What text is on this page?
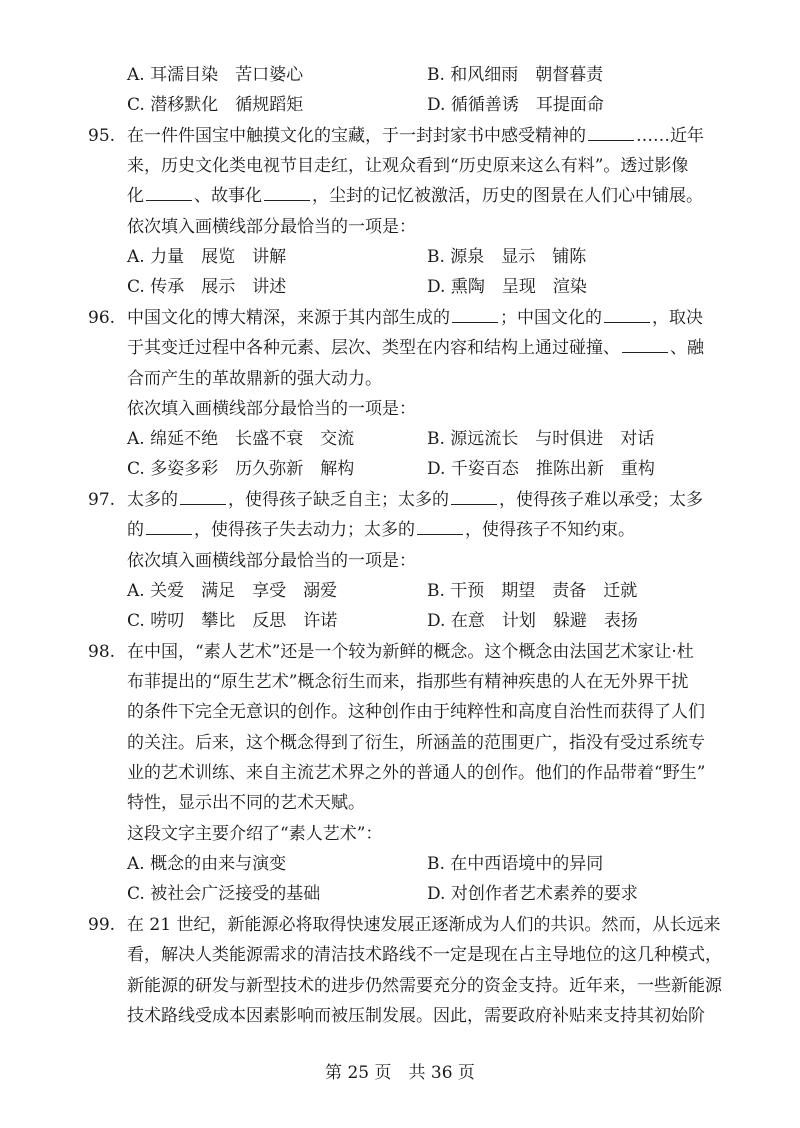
A. 耳濡目染　苦口婆心	B. 和风细雨　朝督暮责
C. 潜移默化　循规蹈矩	D. 循循善诱　耳提面命
95. 在一件件国宝中触摸文化的宝藏，于一封封家书中感受精神的	……近年
来，历史文化类电视节目走红，让观众看到“历史原来这么有料”。透过影像
化	、故事化	，尘封的记忆被激活，历史的图景在人们心中铺展。
依次填入画横线部分最恰当的一项是：
A. 力量　展览　讲解	B. 源泉　显示　铺陈
C. 传承　展示　讲述	D. 熏陶　呈现　渲染
96. 中国文化的博大精深，来源于其内部生成的	；中国文化的	，取决
于其变迁过程中各种元素、层次、类型在内容和结构上通过碰撞、	、融
合而产生的革故鼎新的强大动力。
依次填入画横线部分最恰当的一项是：
A. 绵延不绝　长盛不衰　交流	B. 源远流长　与时俱进　对话
C. 多姿多彩　历久弥新　解构	D. 千姿百态　推陈出新　重构
97. 太多的	，使得孩子缺乏自主；太多的	，使得孩子难以承受；太多
的	，使得孩子失去动力；太多的	，使得孩子不知约束。
依次填入画横线部分最恰当的一项是：
A. 关爱　满足　享受　溺爱	B. 干预　期望　责备　迁就
C. 唠叨　攀比　反思　许诺	D. 在意　计划　躲避　表扬
98. 在中国，“素人艺术”还是一个较为新鲜的概念。这个概念由法国艺术家让·杜
布菲提出的“原生艺术”概念衍生而来，指那些有精神疾患的人在无外界干扰
的条件下完全无意识的创作。这种创作由于纯粹性和高度自治性而获得了人们
的关注。后来，这个概念得到了衍生，所涵盖的范围更广，指没有受过系统专
业的艺术训练、来自主流艺术界之外的普通人的创作。他们的作品带着“野生”
特性，显示出不同的艺术天赋。
这段文字主要介绍了“素人艺术”：
A. 概念的由来与演变	B. 在中西语境中的异同
C. 被社会广泛接受的基础	D. 对创作者艺术素养的要求
99. 在 21 世纪，新能源必将取得快速发展正逐渐成为人们的共识。然而，从长远来
看，解决人类能源需求的清洁技术路线不一定是现在占主导地位的这几种模式，
新能源的研发与新型技术的进步仍然需要充分的资金支持。近年来，一些新能源
技术路线受成本因素影响而被压制发展。因此，需要政府补贴来支持其初始阶
第 25 页　共 36 页
